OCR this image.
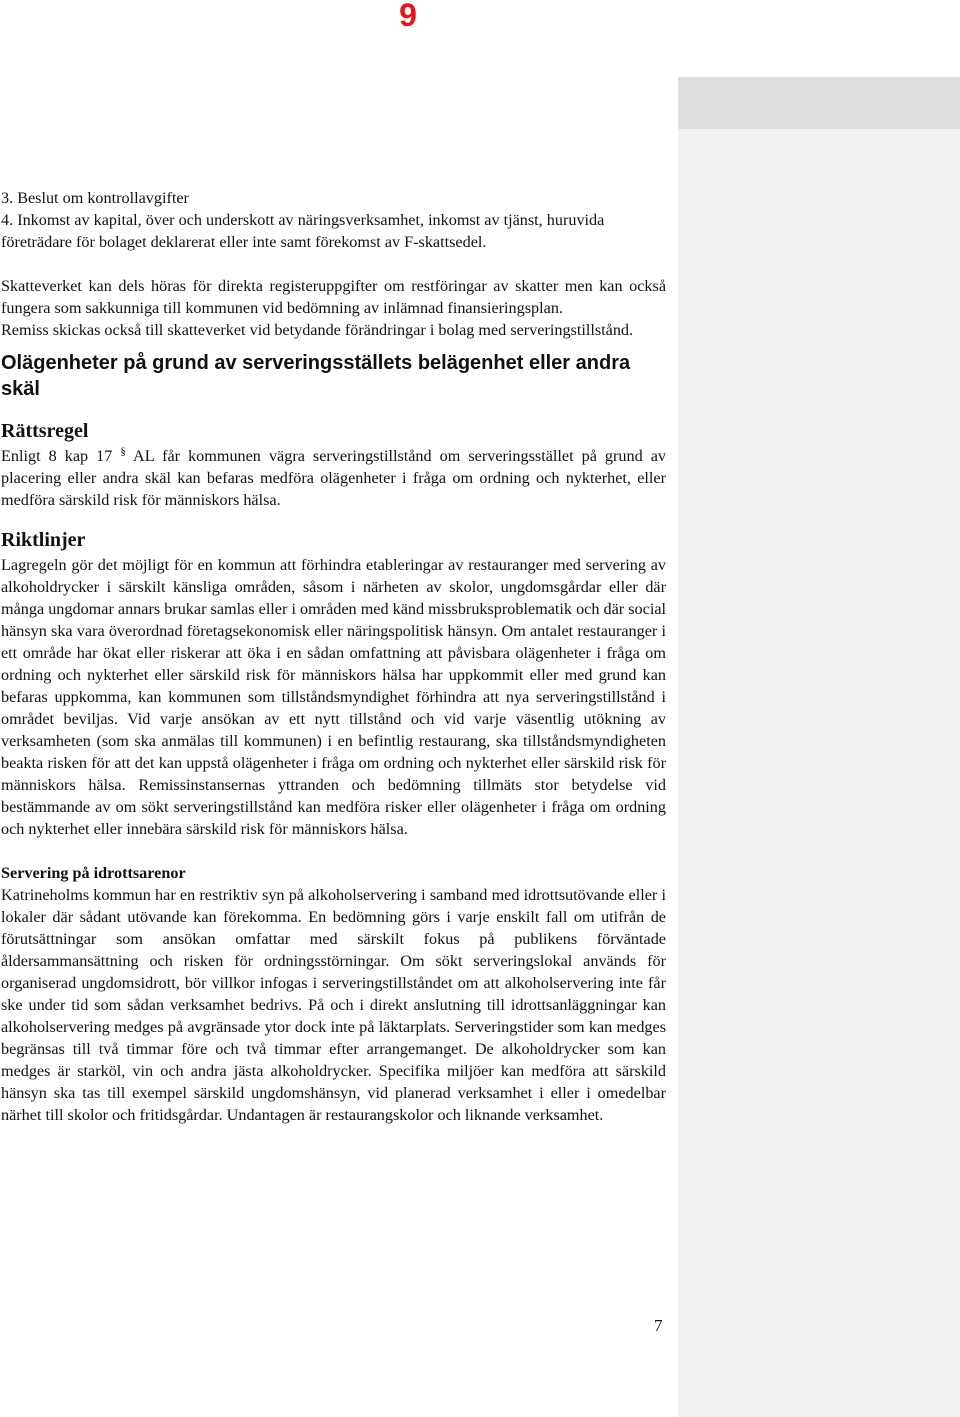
9

3. Beslut om kontrollavgifter

4. Inkomst av kapital, över och underskott av näringsverksamhet, inkomst av tjänst, huruvida företrädare för bolaget deklarerat eller inte samt förekomst av F-skattsedel.

Skatteverket kan dels höras för direkta registeruppgifter om restföringar av skatter men kan också fungera som sakkunniga till kommunen vid bedömning av inlämnad finansieringsplan.

Remiss skickas också till skatteverket vid betydande förändringar i bolag med serveringstillstånd.

Olägenheter på grund av serveringsställets belägenhet eller andra skäl
Rättsregel

Enligt 8 kap 17 § AL får kommunen vägra serveringstillstånd om serveringsstället på grund av placering eller andra skäl kan befaras medföra olägenheter i fråga om ordning och nykterhet, eller medföra särskild risk för människors hälsa.

Riktlinjer

Lagregeln gör det möjligt för en kommun att förhindra etableringar av restauranger med servering av alkoholdrycker i särskilt känsliga områden, såsom i närheten av skolor, ungdomsgårdar eller där många ungdomar annars brukar samlas eller i områden med känd missbruksproblematik och där social hänsyn ska vara överordnad företagsekonomisk eller näringspolitisk hänsyn. Om antalet restauranger i ett område har ökat eller riskerar att öka i en sådan omfattning att påvisbara olägenheter i fråga om ordning och nykterhet eller särskild risk för människors hälsa har uppkommit eller med grund kan befaras uppkomma, kan kommunen som tillståndsmyndighet förhindra att nya serveringstillstånd i området beviljas. Vid varje ansökan av ett nytt tillstånd och vid varje väsentlig utökning av verksamheten (som ska anmälas till kommunen) i en befintlig restaurang, ska tillståndsmyndigheten beakta risken för att det kan uppstå olägenheter i fråga om ordning och nykterhet eller särskild risk för människors hälsa. Remissinstansernas yttranden och bedömning tillmäts stor betydelse vid bestämmande av om sökt serveringstillstånd kan medföra risker eller olägenheter i fråga om ordning och nykterhet eller innebära särskild risk för människors hälsa.

Servering på idrottsarenor

Katrineholms kommun har en restriktiv syn på alkoholservering i samband med idrottsutövande eller i lokaler där sådant utövande kan förekomma. En bedömning görs i varje enskilt fall om utifrån de förutsättningar som ansökan omfattar med särskilt fokus på publikens förväntade åldersammansättning och risken för ordningsstörningar. Om sökt serveringslokal används för organiserad ungdomsidrott, bör villkor infogas i serveringstillståndet om att alkoholservering inte får ske under tid som sådan verksamhet bedrivs. På och i direkt anslutning till idrottsanläggningar kan alkoholservering medges på avgränsade ytor dock inte på läktarplats. Serveringstider som kan medges begränsas till två timmar före och två timmar efter arrangemanget. De alkoholdrycker som kan medges är starköl, vin och andra jästa alkoholdrycker. Specifika miljöer kan medföra att särskild hänsyn ska tas till exempel särskild ungdomshänsyn, vid planerad verksamhet i eller i omedelbar närhet till skolor och fritidsgårdar. Undantagen är restaurangskolor och liknande verksamhet.

7
